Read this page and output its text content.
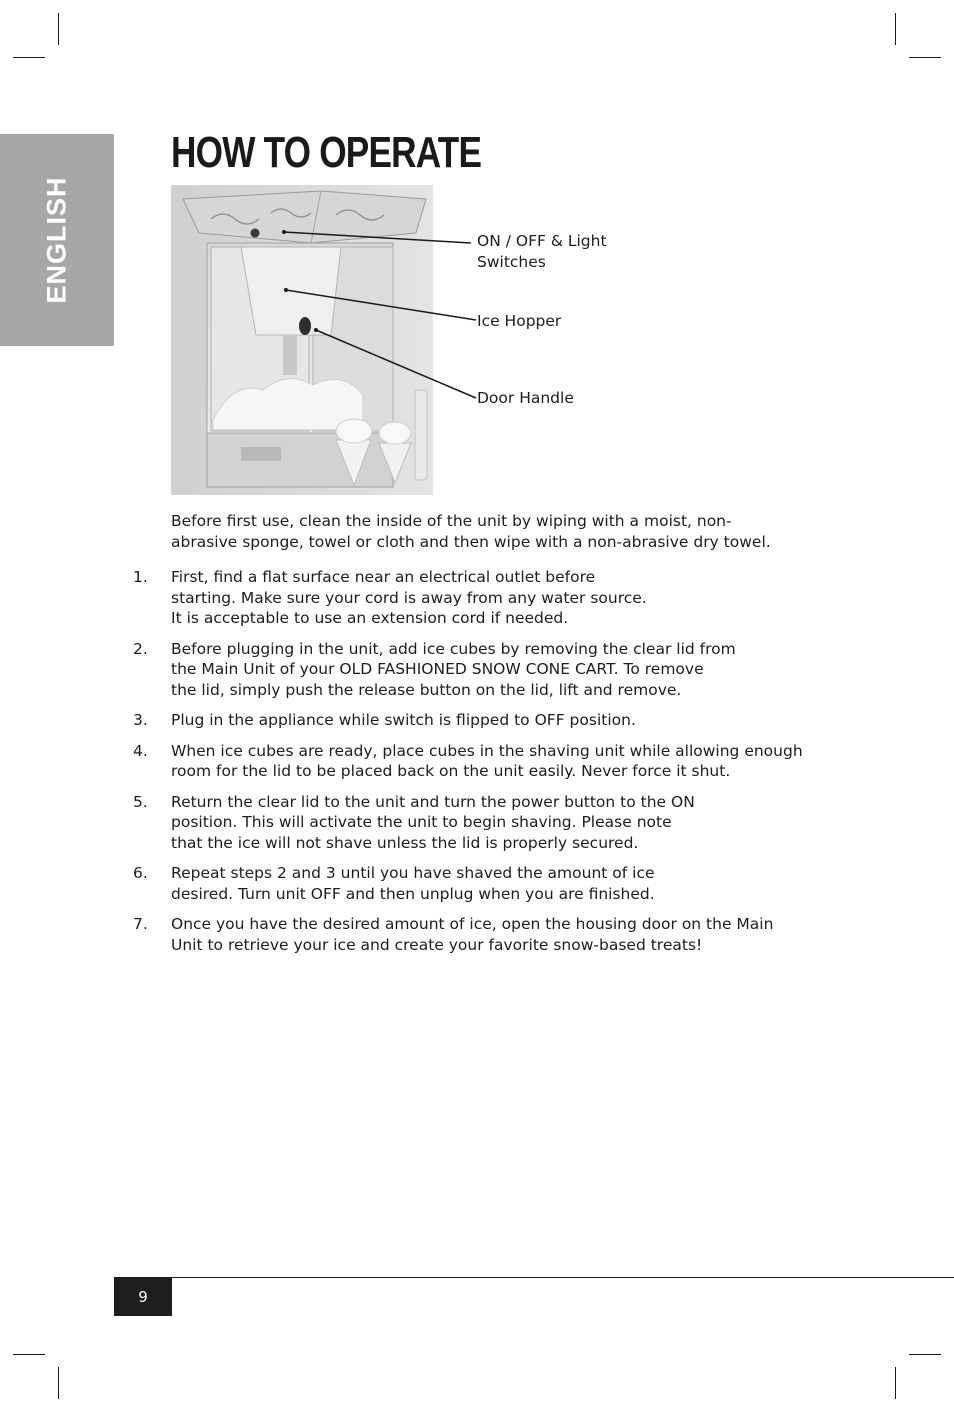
ENGLISH
HOW TO OPERATE
ON / OFF & Light
Switches
Ice Hopper
Door Handle

Before first use, clean the inside of the unit by wiping with a moist, non-
abrasive sponge, towel or cloth and then wipe with a non-abrasive dry towel.

1. First, find a flat surface near an electrical outlet before
starting. Make sure your cord is away from any water source.
It is acceptable to use an extension cord if needed.
2. Before plugging in the unit, add ice cubes by removing the clear lid from
the Main Unit of your OLD FASHIONED SNOW CONE CART. To remove
the lid, simply push the release button on the lid, lift and remove.
3. Plug in the appliance while switch is flipped to OFF position.
4. When ice cubes are ready, place cubes in the shaving unit while allowing enough
room for the lid to be placed back on the unit easily. Never force it shut.
5. Return the clear lid to the unit and turn the power button to the ON
position. This will activate the unit to begin shaving. Please note
that the ice will not shave unless the lid is properly secured.
6. Repeat steps 2 and 3 until you have shaved the amount of ice
desired. Turn unit OFF and then unplug when you are finished.
7. Once you have the desired amount of ice, open the housing door on the Main
Unit to retrieve your ice and create your favorite snow-based treats!
9
